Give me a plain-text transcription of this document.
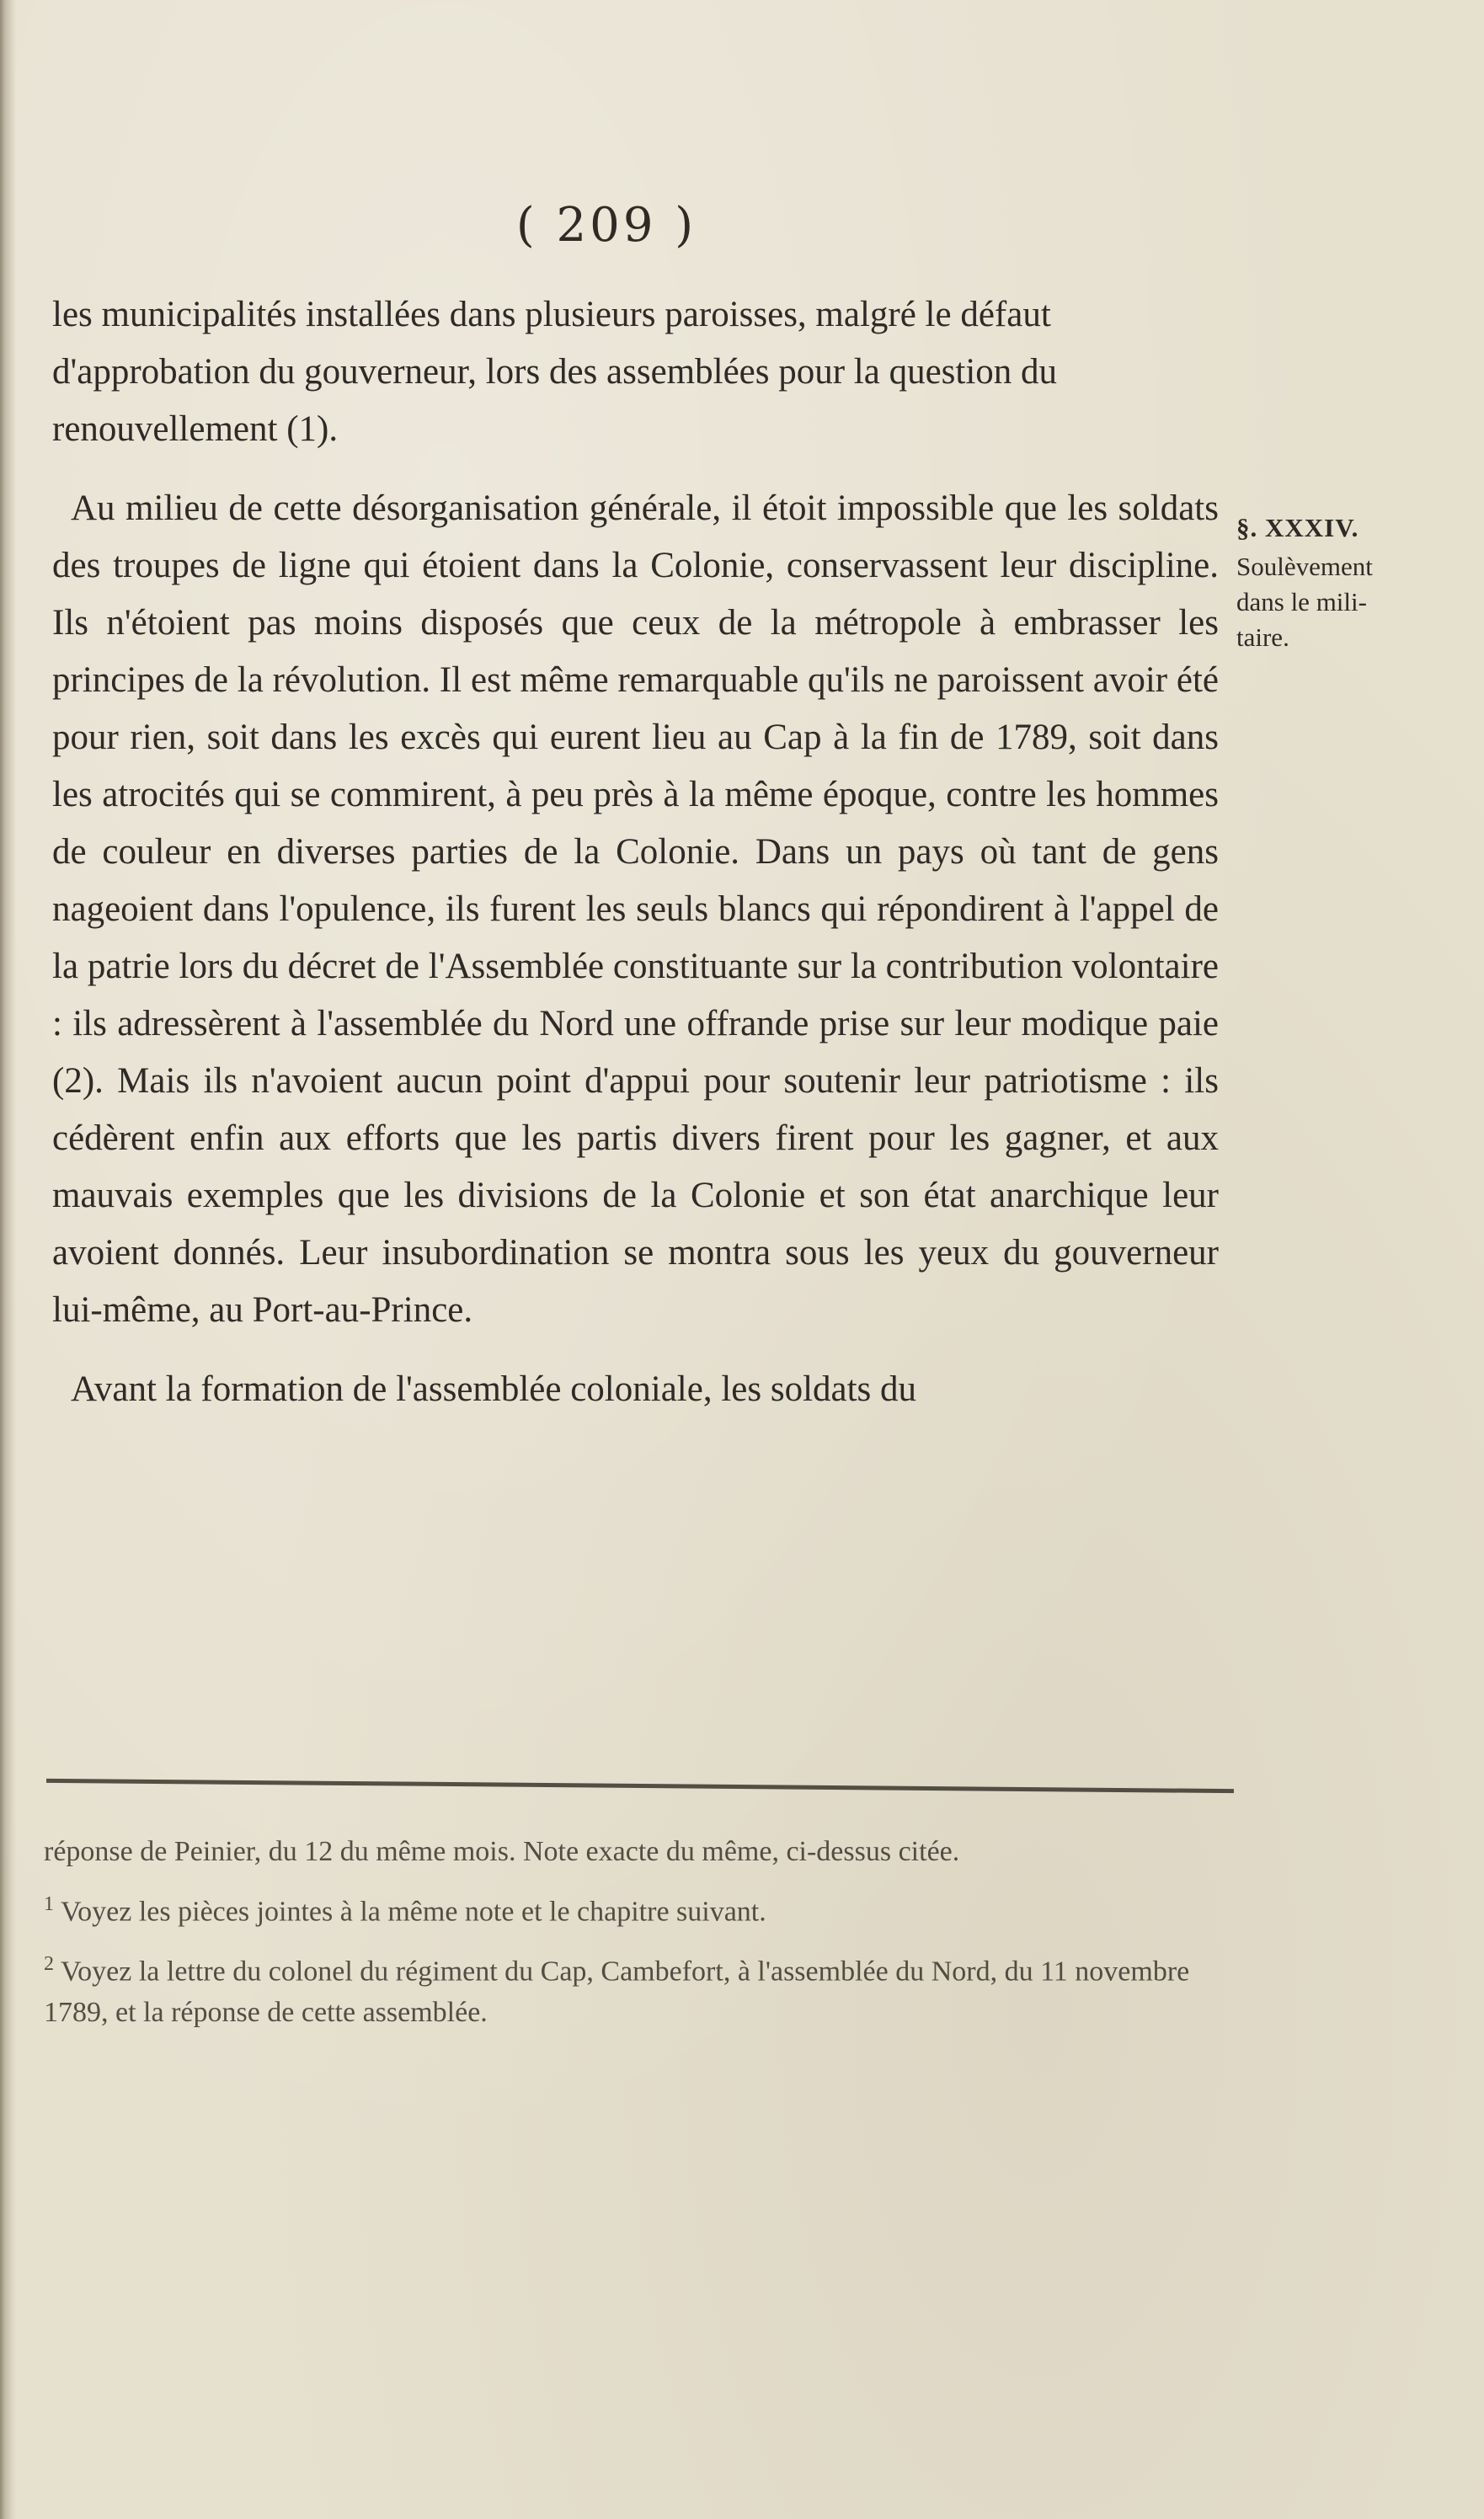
( 209 )

les municipalités installées dans plusieurs paroisses, malgré le défaut d'approbation du gouverneur, lors des assemblées pour la question du renouvellement (1).

Au milieu de cette désorganisation générale, il étoit impossible que les soldats des troupes de ligne qui étoient dans la Colonie, conservassent leur discipline. Ils n'étoient pas moins disposés que ceux de la métropole à embrasser les principes de la révolution. Il est même remarquable qu'ils ne paroissent avoir été pour rien, soit dans les excès qui eurent lieu au Cap à la fin de 1789, soit dans les atrocités qui se commirent, à peu près à la même époque, contre les hommes de couleur en diverses parties de la Colonie. Dans un pays où tant de gens nageoient dans l'opulence, ils furent les seuls blancs qui répondirent à l'appel de la patrie lors du décret de l'Assemblée constituante sur la contribution volontaire : ils adressèrent à l'assemblée du Nord une offrande prise sur leur modique paie (2). Mais ils n'avoient aucun point d'appui pour soutenir leur patriotisme : ils cédèrent enfin aux efforts que les partis divers firent pour les gagner, et aux mauvais exemples que les divisions de la Colonie et son état anarchique leur avoient donnés. Leur insubordination se montra sous les yeux du gouverneur lui-même, au Port-au-Prince.

Avant la formation de l'assemblée coloniale, les soldats du

§. XXXIV.
Soulèvement
dans le mili-
taire.

réponse de Peinier, du 12 du même mois. Note exacte du même, ci-dessus citée.

$^1$ Voyez les pièces jointes à la même note et le chapitre suivant.

$^2$ Voyez la lettre du colonel du régiment du Cap, Cambefort, à l'assemblée du Nord, du 11 novembre 1789, et la réponse de cette assemblée.
